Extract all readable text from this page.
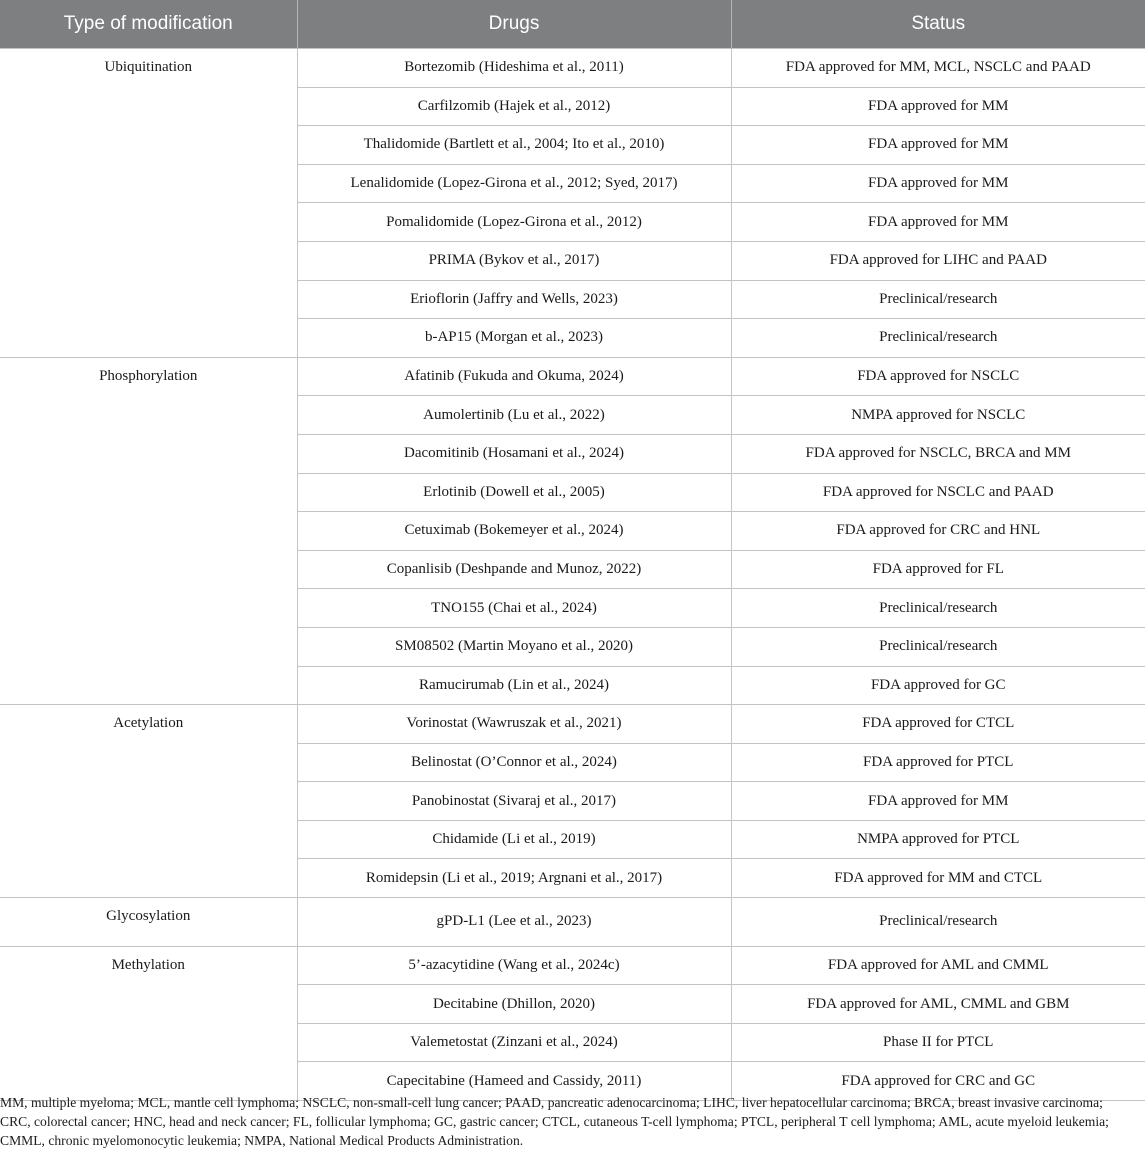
Type of modification	Drugs	Status
Ubiquitination	Bortezomib (Hideshima et al., 2011)	FDA approved for MM, MCL, NSCLC and PAAD
	Carfilzomib (Hajek et al., 2012)	FDA approved for MM
	Thalidomide (Bartlett et al., 2004; Ito et al., 2010)	FDA approved for MM
	Lenalidomide (Lopez-Girona et al., 2012; Syed, 2017)	FDA approved for MM
	Pomalidomide (Lopez-Girona et al., 2012)	FDA approved for MM
	PRIMA (Bykov et al., 2017)	FDA approved for LIHC and PAAD
	Erioflorin (Jaffry and Wells, 2023)	Preclinical/research
	b-AP15 (Morgan et al., 2023)	Preclinical/research
Phosphorylation	Afatinib (Fukuda and Okuma, 2024)	FDA approved for NSCLC
	Aumolertinib (Lu et al., 2022)	NMPA approved for NSCLC
	Dacomitinib (Hosamani et al., 2024)	FDA approved for NSCLC, BRCA and MM
	Erlotinib (Dowell et al., 2005)	FDA approved for NSCLC and PAAD
	Cetuximab (Bokemeyer et al., 2024)	FDA approved for CRC and HNL
	Copanlisib (Deshpande and Munoz, 2022)	FDA approved for FL
	TNO155 (Chai et al., 2024)	Preclinical/research
	SM08502 (Martin Moyano et al., 2020)	Preclinical/research
	Ramucirumab (Lin et al., 2024)	FDA approved for GC
Acetylation	Vorinostat (Wawruszak et al., 2021)	FDA approved for CTCL
	Belinostat (O’Connor et al., 2024)	FDA approved for PTCL
	Panobinostat (Sivaraj et al., 2017)	FDA approved for MM
	Chidamide (Li et al., 2019)	NMPA approved for PTCL
	Romidepsin (Li et al., 2019; Argnani et al., 2017)	FDA approved for MM and CTCL
Glycosylation	gPD-L1 (Lee et al., 2023)	Preclinical/research
Methylation	5’-azacytidine (Wang et al., 2024c)	FDA approved for AML and CMML
	Decitabine (Dhillon, 2020)	FDA approved for AML, CMML and GBM
	Valemetostat (Zinzani et al., 2024)	Phase II for PTCL
	Capecitabine (Hameed and Cassidy, 2011)	FDA approved for CRC and GC

MM, multiple myeloma; MCL, mantle cell lymphoma; NSCLC, non-small-cell lung cancer; PAAD, pancreatic adenocarcinoma; LIHC, liver hepatocellular carcinoma; BRCA, breast invasive carcinoma; CRC, colorectal cancer; HNC, head and neck cancer; FL, follicular lymphoma; GC, gastric cancer; CTCL, cutaneous T-cell lymphoma; PTCL, peripheral T cell lymphoma; AML, acute myeloid leukemia; CMML, chronic myelomonocytic leukemia; NMPA, National Medical Products Administration.
